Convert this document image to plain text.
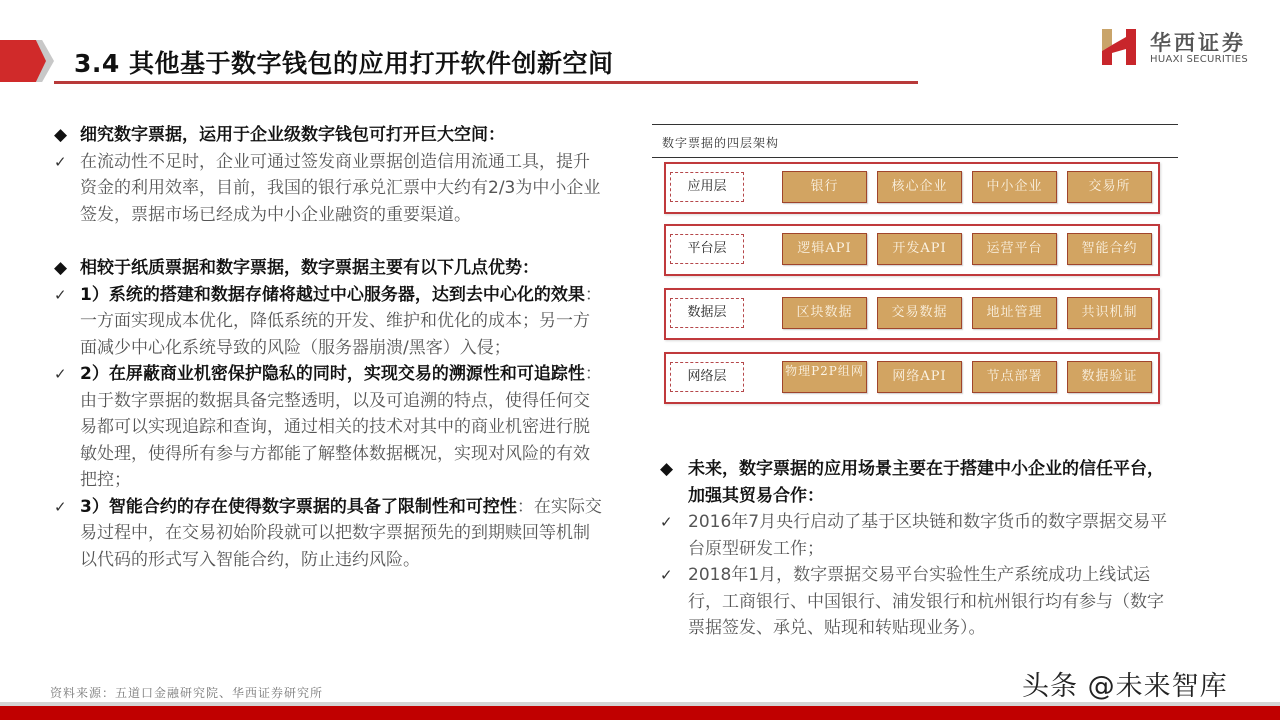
3.4 其他基于数字钱包的应用打开软件创新空间
华西证券
HUAXI SECURITIES
◆ 细究数字票据，运用于企业级数字钱包可打开巨大空间：
✓ 在流动性不足时，企业可通过签发商业票据创造信用流通工具，提升资金的利用效率，目前，我国的银行承兑汇票中大约有2/3为中小企业签发，票据市场已经成为中小企业融资的重要渠道。
◆ 相较于纸质票据和数字票据，数字票据主要有以下几点优势：
✓ 1）系统的搭建和数据存储将越过中心服务器，达到去中心化的效果：一方面实现成本优化，降低系统的开发、维护和优化的成本；另一方面减少中心化系统导致的风险（服务器崩溃/黑客）入侵；
✓ 2）在屏蔽商业机密保护隐私的同时，实现交易的溯源性和可追踪性：由于数字票据的数据具备完整透明，以及可追溯的特点，使得任何交易都可以实现追踪和查询，通过相关的技术对其中的商业机密进行脱敏处理，使得所有参与方都能了解整体数据概况，实现对风险的有效把控；
✓ 3）智能合约的存在使得数字票据的具备了限制性和可控性：在实际交易过程中，在交易初始阶段就可以把数字票据预先的到期赎回等机制以代码的形式写入智能合约，防止违约风险。
数字票据的四层架构
应用层	银行	核心企业	中小企业	交易所
平台层	逻辑API	开发API	运营平台	智能合约
数据层	区块数据	交易数据	地址管理	共识机制
网络层	物理P2P组网	网络API	节点部署	数据验证
◆ 未来，数字票据的应用场景主要在于搭建中小企业的信任平台，加强其贸易合作：
✓ 2016年7月央行启动了基于区块链和数字货币的数字票据交易平台原型研发工作；
✓ 2018年1月，数字票据交易平台实验性生产系统成功上线试运行，工商银行、中国银行、浦发银行和杭州银行均有参与（数字票据签发、承兑、贴现和转贴现业务）。
资料来源：五道口金融研究院、华西证券研究所	头条 @未来智库
